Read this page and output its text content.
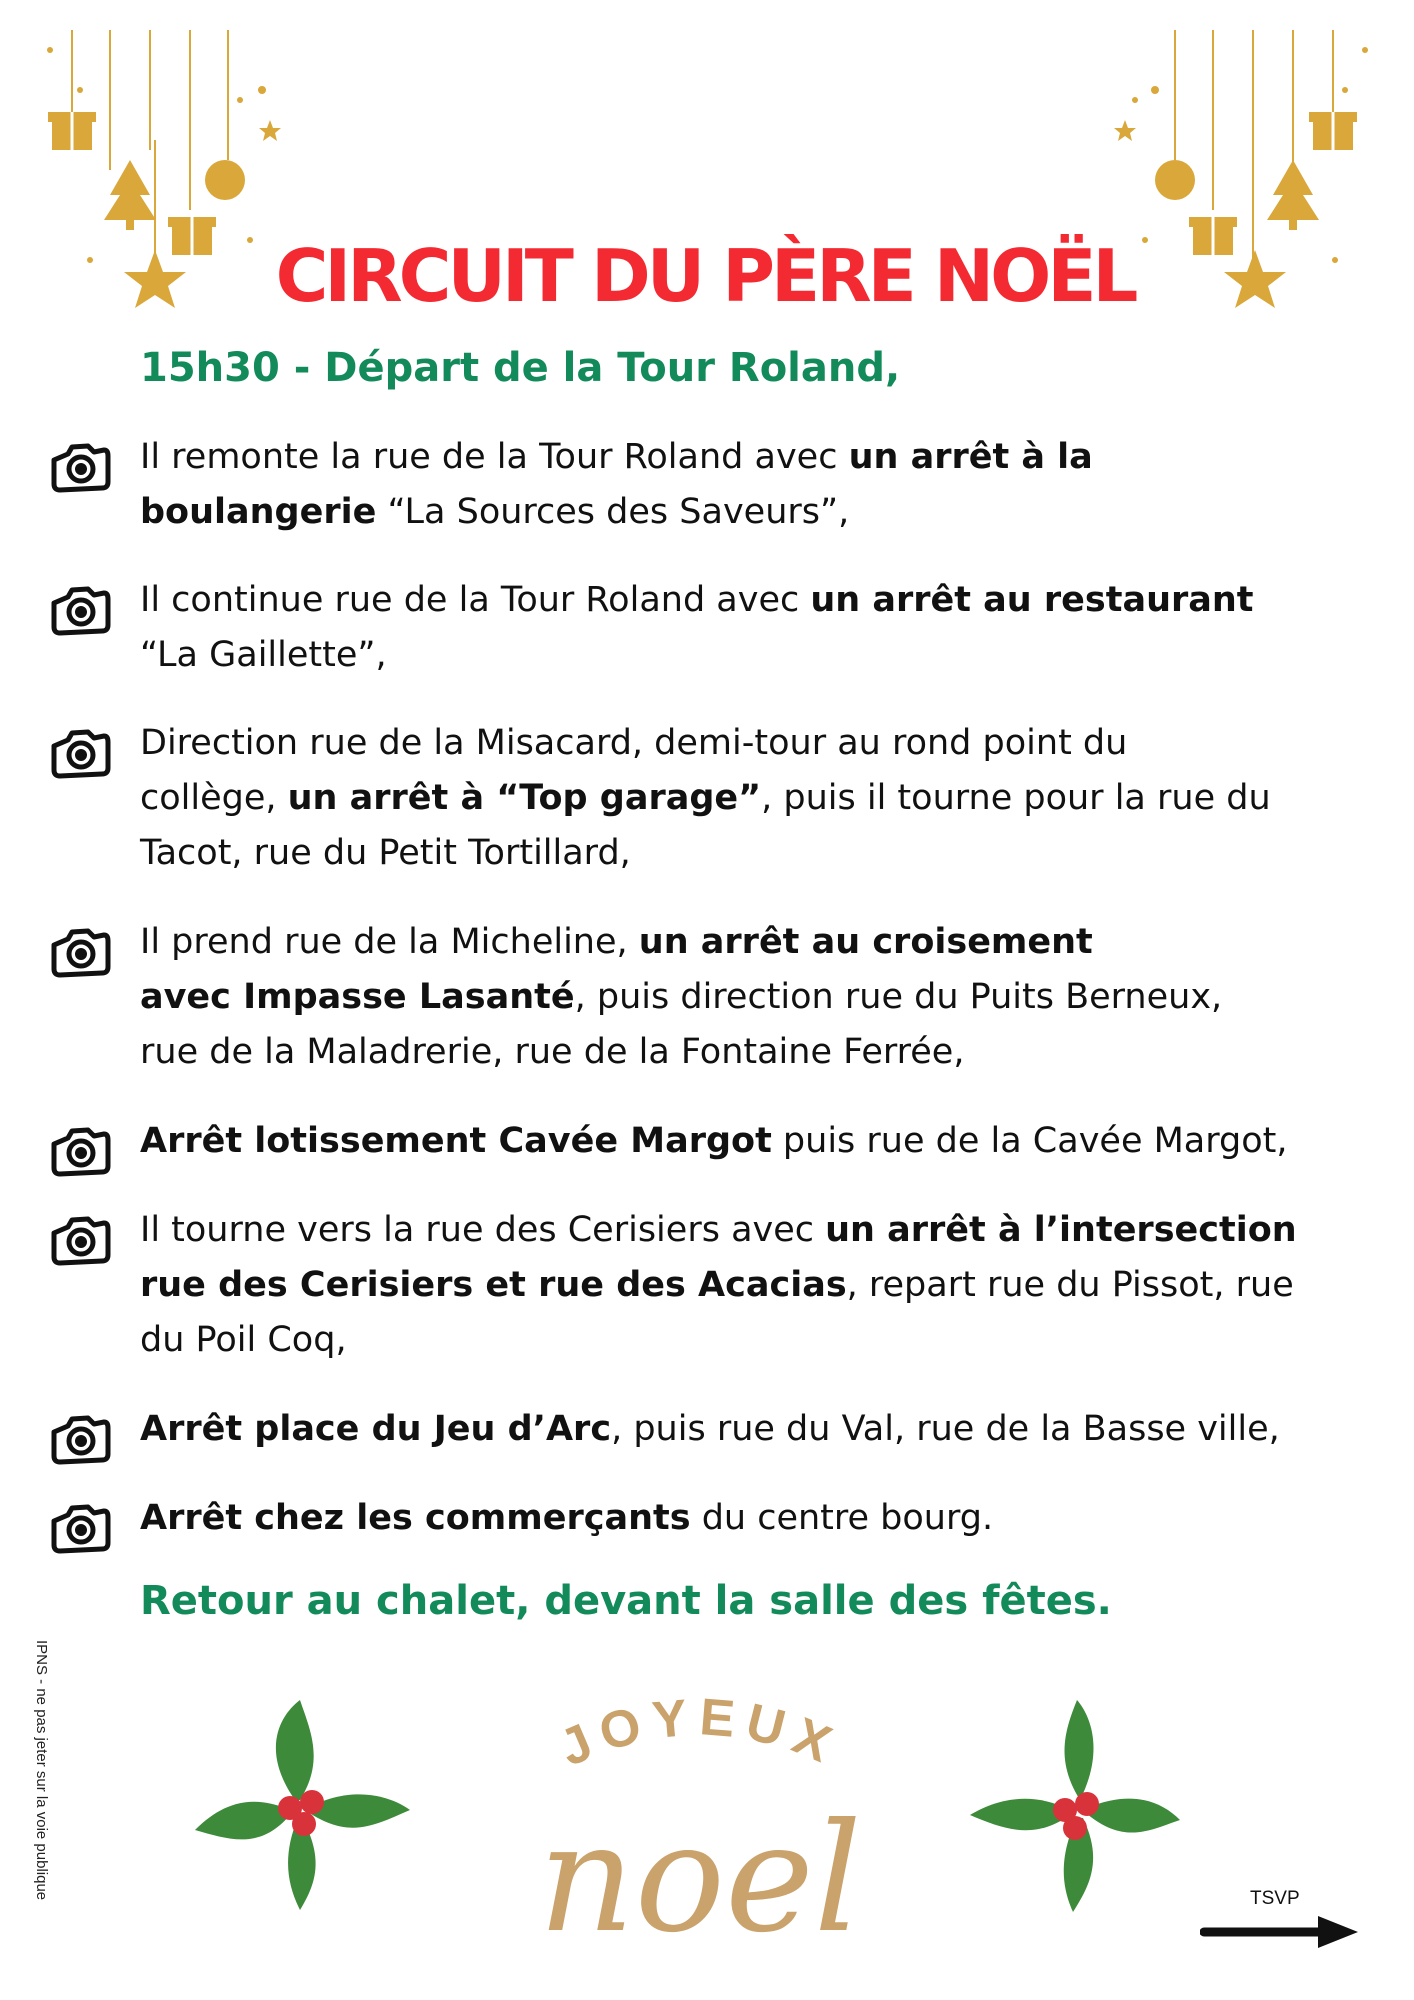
CIRCUIT DU PÈRE NOËL
15h30 - Départ de la Tour Roland,

Il remonte la rue de la Tour Roland avec un arrêt à la

boulangerie “La Sources des Saveurs”,

Il continue rue de la Tour Roland avec un arrêt au restaurant

“La Gaillette”,

Direction rue de la Misacard, demi-tour au rond point du

collège, un arrêt à “Top garage”, puis il tourne pour la rue du

Tacot, rue du Petit Tortillard,

Il prend rue de la Micheline, un arrêt au croisement

avec Impasse Lasanté, puis direction rue du Puits Berneux,

rue de la Maladrerie, rue de la Fontaine Ferrée,

Arrêt lotissement Cavée Margot puis rue de la Cavée Margot,

Il tourne vers la rue des Cerisiers avec un arrêt à l’intersection

rue des Cerisiers et rue des Acacias, repart rue du Pissot, rue

du Poil Coq,

Arrêt place du Jeu d’Arc, puis rue du Val, rue de la Basse ville,

Arrêt chez les commerçants du centre bourg.

Retour au chalet, devant la salle des fêtes.
JOYEUX
noel
IPNS - ne pas jeter sur la voie publique	TSVP
